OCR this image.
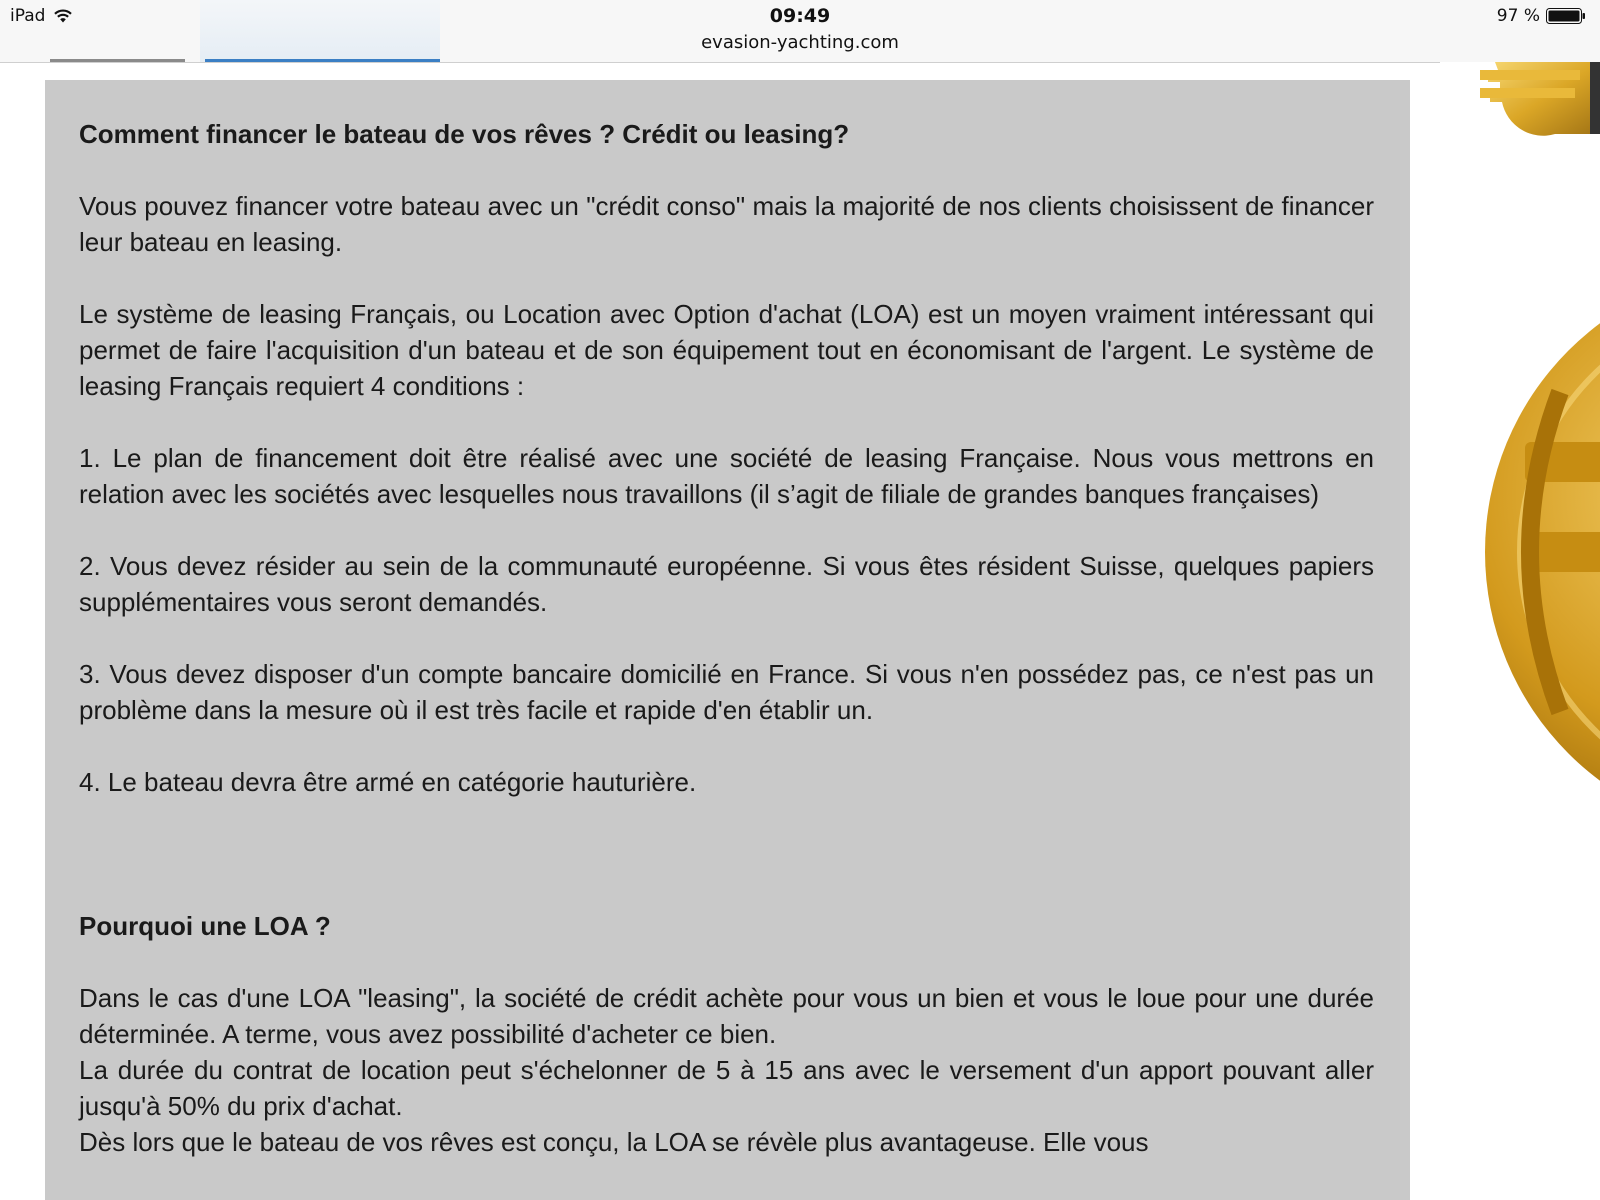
iPad	09:49
evasion-yachting.com
97 %

Comment financer le bateau de vos rêves ? Crédit ou leasing?

Vous pouvez financer votre bateau avec un "crédit conso" mais la majorité de nos clients choisissent de financer leur bateau en leasing.

Le système de leasing Français, ou Location avec Option d'achat (LOA) est un moyen vraiment intéressant qui permet de faire l'acquisition d'un bateau et de son équipement tout en économisant de l'argent. Le système de leasing Français requiert 4 conditions :

1. Le plan de financement doit être réalisé avec une société de leasing Française. Nous vous mettrons en relation avec les sociétés avec lesquelles nous travaillons (il s’agit de filiale de grandes banques françaises)

2. Vous devez résider au sein de la communauté européenne. Si vous êtes résident Suisse, quelques papiers supplémentaires vous seront demandés.

3. Vous devez disposer d'un compte bancaire domicilié en France. Si vous n'en possédez pas, ce n'est pas un problème dans la mesure où il est très facile et rapide d'en établir un.

4. Le bateau devra être armé en catégorie hauturière.

Pourquoi une LOA ?

Dans le cas d'une LOA "leasing", la société de crédit achète pour vous un bien et vous le loue pour une durée déterminée. A terme, vous avez possibilité d'acheter ce bien.

La durée du contrat de location peut s'échelonner de 5 à 15 ans avec le versement d'un apport pouvant aller jusqu'à 50% du prix d'achat.

Dès lors que le bateau de vos rêves est conçu, la LOA se révèle plus avantageuse. Elle vous
